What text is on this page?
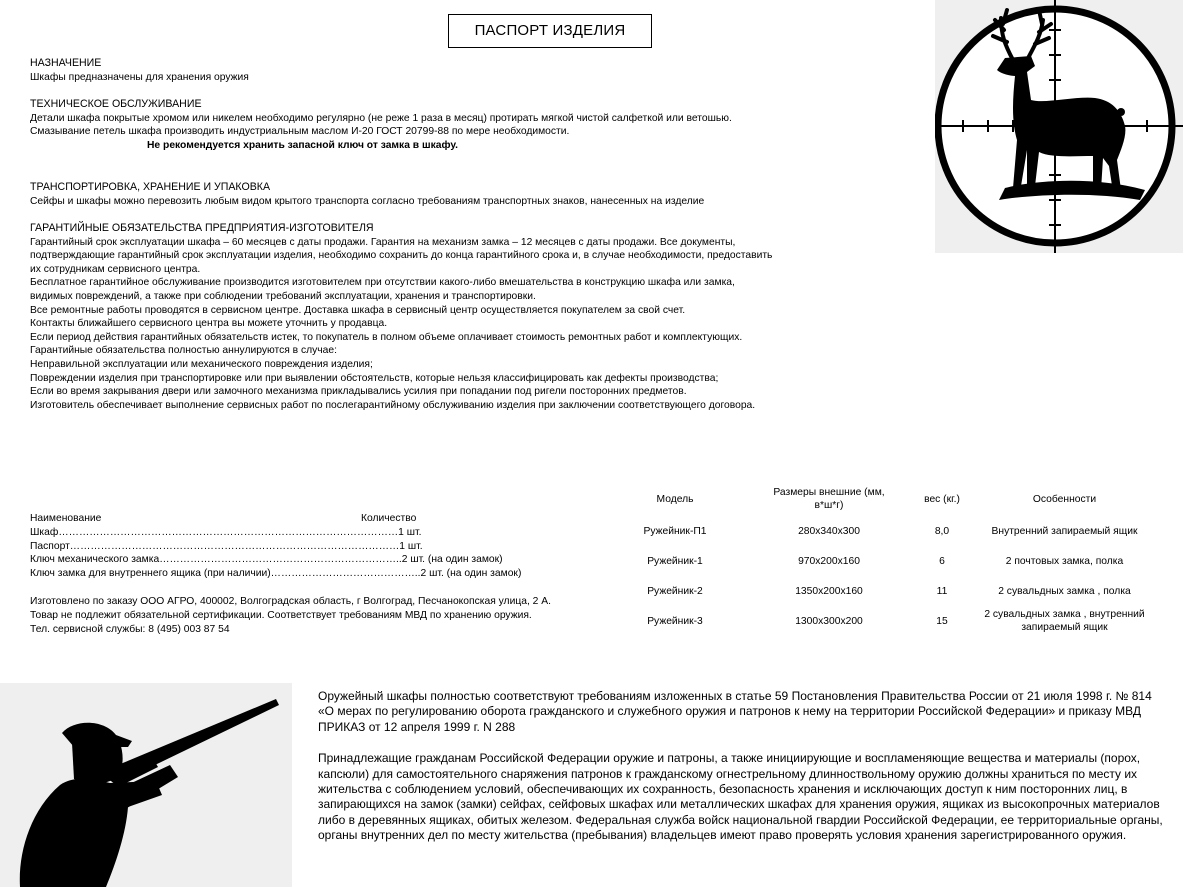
ПАСПОРТ ИЗДЕЛИЯ

НАЗНАЧЕНИЕ

Шкафы предназначены для хранения оружия

ТЕХНИЧЕСКОЕ ОБСЛУЖИВАНИЕ

Детали шкафа покрытые хромом или никелем необходимо регулярно (не реже 1 раза в месяц) протирать мягкой чистой салфеткой или ветошью.

Смазывание петель шкафа производить индустриальным маслом И-20 ГОСТ 20799-88 по мере необходимости.

Не рекомендуется хранить запасной ключ от замка в шкафу.

ТРАНСПОРТИРОВКА, ХРАНЕНИЕ И УПАКОВКА

Сейфы и шкафы можно перевозить любым видом крытого транспорта согласно требованиям транспортных знаков, нанесенных на изделие

ГАРАНТИЙНЫЕ ОБЯЗАТЕЛЬСТВА ПРЕДПРИЯТИЯ-ИЗГОТОВИТЕЛЯ

Гарантийный срок эксплуатации шкафа – 60 месяцев с даты продажи. Гарантия на механизм замка – 12 месяцев с даты продажи. Все документы, подтверждающие гарантийный срок эксплуатации изделия, необходимо сохранить до конца гарантийного срока и, в случае необходимости, предоставить их сотрудникам сервисного центра.

Бесплатное гарантийное обслуживание производится изготовителем при отсутствии какого-либо вмешательства в конструкцию шкафа или замка, видимых повреждений, а также при соблюдении требований эксплуатации, хранения и транспортировки.

Все ремонтные работы проводятся в сервисном центре. Доставка шкафа в сервисный центр осуществляется покупателем за свой счет.

Контакты ближайшего сервисного центра вы можете уточнить у продавца.

Если период действия гарантийных обязательств истек, то покупатель в полном объеме оплачивает стоимость ремонтных работ и комплектующих.

Гарантийные обязательства полностью аннулируются в случае:

Неправильной эксплуатации или механического повреждения изделия;

Повреждении изделия при транспортировке или при выявлении обстоятельств, которые нельзя классифицировать как дефекты производства;

Если во время закрывания двери или замочного механизма прикладывались усилия при попадании под ригели посторонних предметов.

Изготовитель обеспечивает выполнение сервисных работ по послегарантийному обслуживанию изделия при заключении соответствующего договора.

Наименование	Количество
Шкаф………………………………………………………………………………………1 шт.
Паспорт……………………………………………………………………………………1 шт.
Ключ механического замка……………………………………………………………..2 шт. (на один замок)
Ключ замка для внутреннего ящика (при наличии)……………………………………..2 шт. (на один замок)

Изготовлено по заказу ООО АГРО, 400002, Волгоградская область, г Волгоград, Песчанокопская улица, 2 А.

Товар не подлежит обязательной сертификации. Соответствует требованиям МВД по хранению оружия.

Тел. сервисной службы: 8 (495) 003 87 54

Модель	Размеры внешние (мм, в*ш*г)	вес (кг.)	Особенности
Ружейник-П1	280x340x300	8,0	Внутренний запираемый ящик
Ружейник-1	970x200x160	6	2 почтовых замка, полка
Ружейник-2	1350x200x160	11	2 сувальдных замка , полка
Ружейник-3	1300x300x200	15	2 сувальдных замка , внутренний запираемый ящик

Оружейный шкафы полностью соответствуют требованиям изложенных в статье 59 Постановления Правительства России от 21 июля 1998 г. № 814 «О мерах по регулированию оборота гражданского и служебного оружия и патронов к нему на территории Российской Федерации» и приказу МВД ПРИКАЗ от 12 апреля 1999 г. N 288

Принадлежащие гражданам Российской Федерации оружие и патроны, а также инициирующие и воспламеняющие вещества и материалы (порох, капсюли) для самостоятельного снаряжения патронов к гражданскому огнестрельному длинноствольному оружию должны храниться по месту их жительства с соблюдением условий, обеспечивающих их сохранность, безопасность хранения и исключающих доступ к ним посторонних лиц, в запирающихся на замок (замки) сейфах, сейфовых шкафах или металлических шкафах для хранения оружия, ящиках из высокопрочных материалов либо в деревянных ящиках, обитых железом. Федеральная служба войск национальной гвардии Российской Федерации, ее территориальные органы, органы внутренних дел по месту жительства (пребывания) владельцев имеют право проверять условия хранения зарегистрированного оружия.
